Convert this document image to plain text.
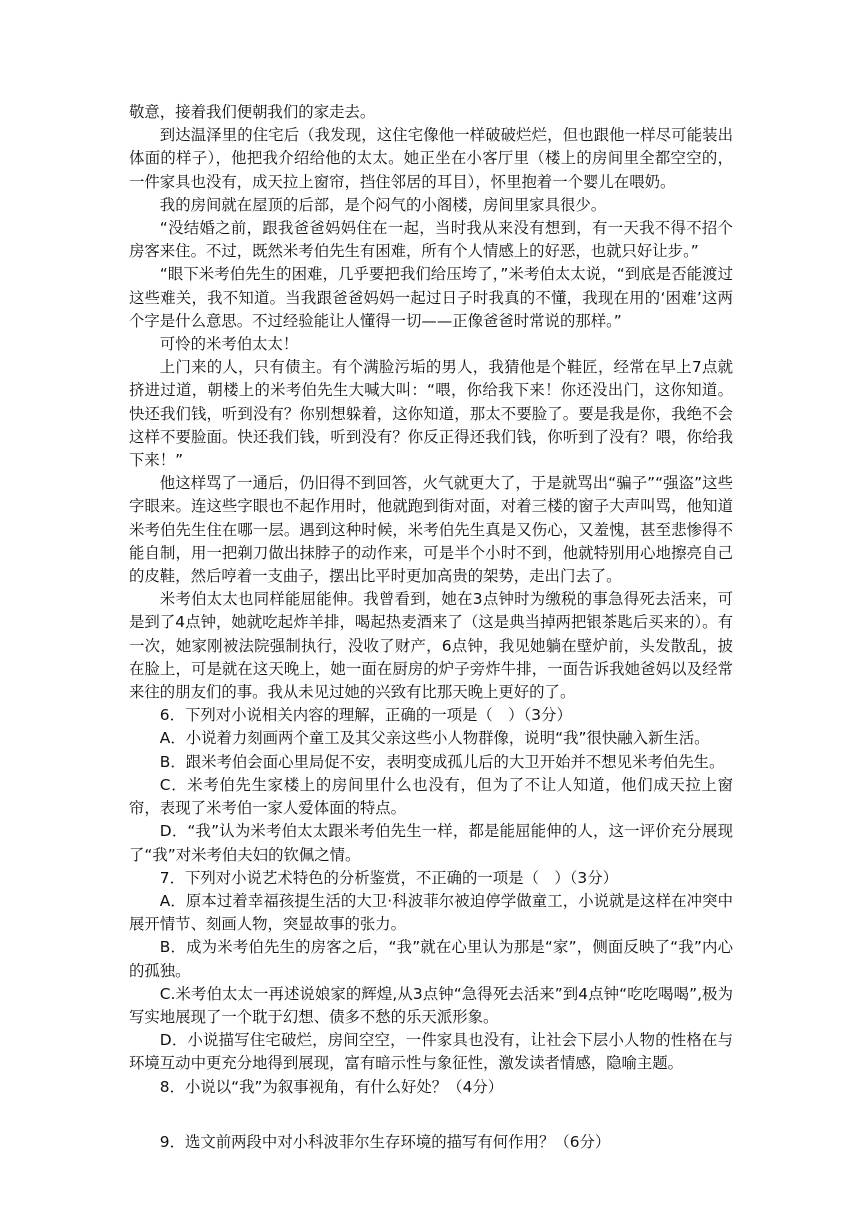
敬意，接着我们便朝我们的家走去。

到达温泽里的住宅后（我发现，这住宅像他一样破破烂烂，但也跟他一样尽可能装出体面的样子），他把我介绍给他的太太。她正坐在小客厅里（楼上的房间里全都空空的，一件家具也没有，成天拉上窗帘，挡住邻居的耳目），怀里抱着一个婴儿在喂奶。

我的房间就在屋顶的后部，是个闷气的小阁楼，房间里家具很少。

“没结婚之前，跟我爸爸妈妈住在一起，当时我从来没有想到，有一天我不得不招个房客来住。不过，既然米考伯先生有困难，所有个人情感上的好恶，也就只好让步。”

“眼下米考伯先生的困难，几乎要把我们给压垮了，”米考伯太太说，“到底是否能渡过这些难关，我不知道。当我跟爸爸妈妈一起过日子时我真的不懂，我现在用的‘困难’这两个字是什么意思。不过经验能让人懂得一切——正像爸爸时常说的那样。”

可怜的米考伯太太！

上门来的人，只有债主。有个满脸污垢的男人，我猜他是个鞋匠，经常在早上7点就挤进过道，朝楼上的米考伯先生大喊大叫：“喂，你给我下来！你还没出门，这你知道。快还我们钱，听到没有？你别想躲着，这你知道，那太不要脸了。要是我是你，我绝不会这样不要脸面。快还我们钱，听到没有？你反正得还我们钱，你听到了没有？喂，你给我下来！”

他这样骂了一通后，仍旧得不到回答，火气就更大了，于是就骂出“骗子”“强盗”这些字眼来。连这些字眼也不起作用时，他就跑到街对面，对着三楼的窗子大声叫骂，他知道米考伯先生住在哪一层。遇到这种时候，米考伯先生真是又伤心，又羞愧，甚至悲惨得不能自制，用一把剃刀做出抹脖子的动作来，可是半个小时不到，他就特别用心地擦亮自己的皮鞋，然后哼着一支曲子，摆出比平时更加高贵的架势，走出门去了。

米考伯太太也同样能屈能伸。我曾看到，她在3点钟时为缴税的事急得死去活来，可是到了4点钟，她就吃起炸羊排，喝起热麦酒来了（这是典当掉两把银茶匙后买来的）。有一次，她家刚被法院强制执行，没收了财产，6点钟，我见她躺在壁炉前，头发散乱，披在脸上，可是就在这天晚上，她一面在厨房的炉子旁炸牛排，一面告诉我她爸妈以及经常来往的朋友们的事。我从未见过她的兴致有比那天晚上更好的了。

6．下列对小说相关内容的理解，正确的一项是（　）（3分）

A．小说着力刻画两个童工及其父亲这些小人物群像，说明“我”很快融入新生活。

B．跟米考伯会面心里局促不安，表明变成孤儿后的大卫开始并不想见米考伯先生。

C．米考伯先生家楼上的房间里什么也没有，但为了不让人知道，他们成天拉上窗帘，表现了米考伯一家人爱体面的特点。

D．“我”认为米考伯太太跟米考伯先生一样，都是能屈能伸的人，这一评价充分展现了“我”对米考伯夫妇的钦佩之情。

7．下列对小说艺术特色的分析鉴赏，不正确的一项是（　）（3分）

A．原本过着幸福孩提生活的大卫·科波菲尔被迫停学做童工，小说就是这样在冲突中展开情节、刻画人物，突显故事的张力。

B．成为米考伯先生的房客之后，“我”就在心里认为那是“家”，侧面反映了“我”内心的孤独。

C.米考伯太太一再述说娘家的辉煌,从3点钟“急得死去活来”到4点钟“吃吃喝喝”,极为写实地展现了一个耽于幻想、债多不愁的乐天派形象。

D．小说描写住宅破烂，房间空空，一件家具也没有，让社会下层小人物的性格在与环境互动中更充分地得到展现，富有暗示性与象征性，激发读者情感，隐喻主题。

8．小说以“我”为叙事视角，有什么好处？（4分）

9．选文前两段中对小科波菲尔生存环境的描写有何作用？（6分）
